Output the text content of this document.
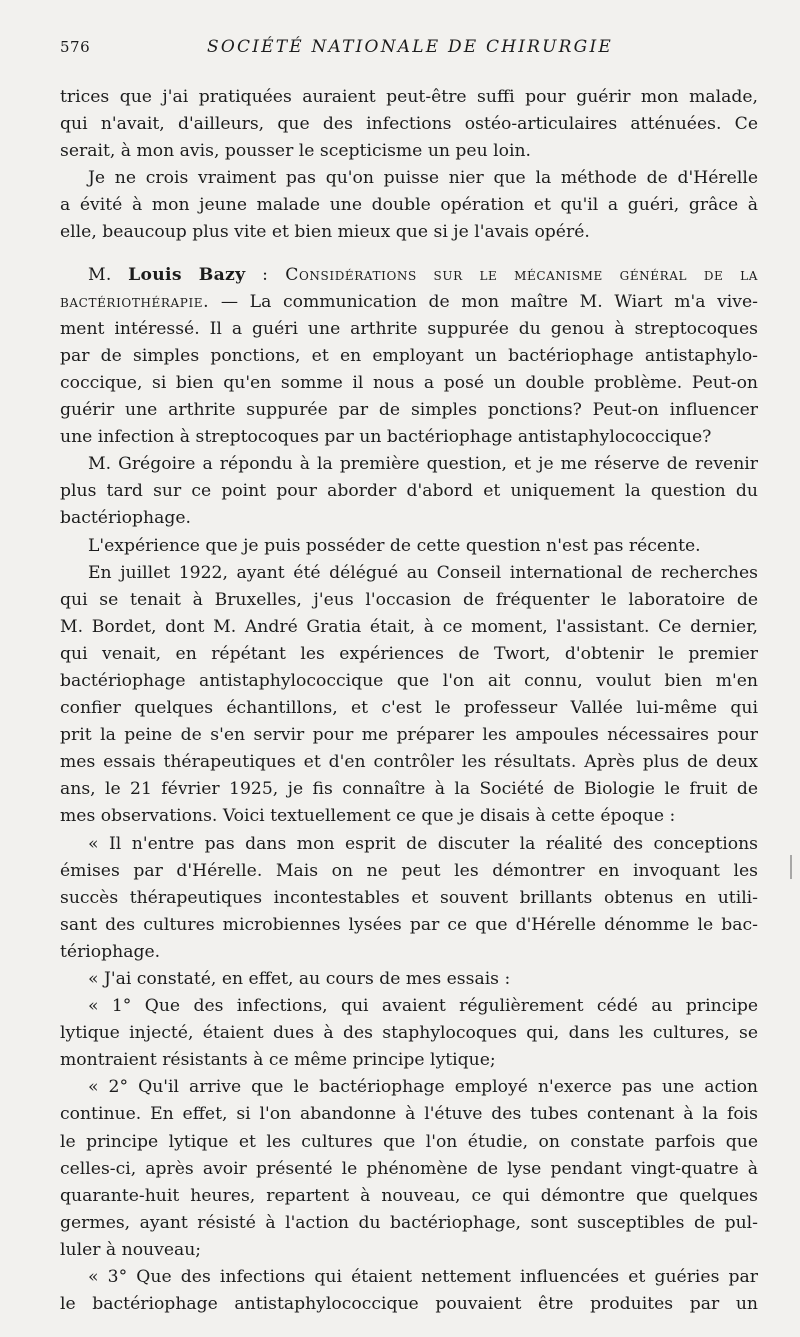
576	SOCIÉTÉ NATIONALE DE CHIRURGIE
trices que j'ai pratiquées auraient peut-être suffi pour guérir mon malade,
qui n'avait, d'ailleurs, que des infections ostéo-articulaires atténuées. Ce
serait, à mon avis, pousser le scepticisme un peu loin.
Je ne crois vraiment pas qu'on puisse nier que la méthode de d'Hérelle
a évité à mon jeune malade une double opération et qu'il a guéri, grâce à
elle, beaucoup plus vite et bien mieux que si je l'avais opéré.
M. Louis Bazy : Considérations sur le mécanisme général de la
bactériothérapie. — La communication de mon maître M. Wiart m'a vive-
ment intéressé. Il a guéri une arthrite suppurée du genou à streptocoques
par de simples ponctions, et en employant un bactériophage antistaphylo-
coccique, si bien qu'en somme il nous a posé un double problème. Peut-on
guérir une arthrite suppurée par de simples ponctions? Peut-on influencer
une infection à streptocoques par un bactériophage antistaphylococcique?
M. Grégoire a répondu à la première question, et je me réserve de revenir
plus tard sur ce point pour aborder d'abord et uniquement la question du
bactériophage.
L'expérience que je puis posséder de cette question n'est pas récente.
En juillet 1922, ayant été délégué au Conseil international de recherches
qui se tenait à Bruxelles, j'eus l'occasion de fréquenter le laboratoire de
M. Bordet, dont M. André Gratia était, à ce moment, l'assistant. Ce dernier,
qui venait, en répétant les expériences de Twort, d'obtenir le premier
bactériophage antistaphylococcique que l'on ait connu, voulut bien m'en
confier quelques échantillons, et c'est le professeur Vallée lui-même qui
prit la peine de s'en servir pour me préparer les ampoules nécessaires pour
mes essais thérapeutiques et d'en contrôler les résultats. Après plus de deux
ans, le 21 février 1925, je fis connaître à la Société de Biologie le fruit de
mes observations. Voici textuellement ce que je disais à cette époque :
« Il n'entre pas dans mon esprit de discuter la réalité des conceptions
émises par d'Hérelle. Mais on ne peut les démontrer en invoquant les
succès thérapeutiques incontestables et souvent brillants obtenus en utili-
sant des cultures microbiennes lysées par ce que d'Hérelle dénomme le bac-
tériophage.
« J'ai constaté, en effet, au cours de mes essais :
« 1° Que des infections, qui avaient régulièrement cédé au principe
lytique injecté, étaient dues à des staphylocoques qui, dans les cultures, se
montraient résistants à ce même principe lytique;
« 2° Qu'il arrive que le bactériophage employé n'exerce pas une action
continue. En effet, si l'on abandonne à l'étuve des tubes contenant à la fois
le principe lytique et les cultures que l'on étudie, on constate parfois que
celles-ci, après avoir présenté le phénomène de lyse pendant vingt-quatre à
quarante-huit heures, repartent à nouveau, ce qui démontre que quelques
germes, ayant résisté à l'action du bactériophage, sont susceptibles de pul-
luler à nouveau;
« 3° Que des infections qui étaient nettement influencées et guéries par
le bactériophage antistaphylococcique pouvaient être produites par un
